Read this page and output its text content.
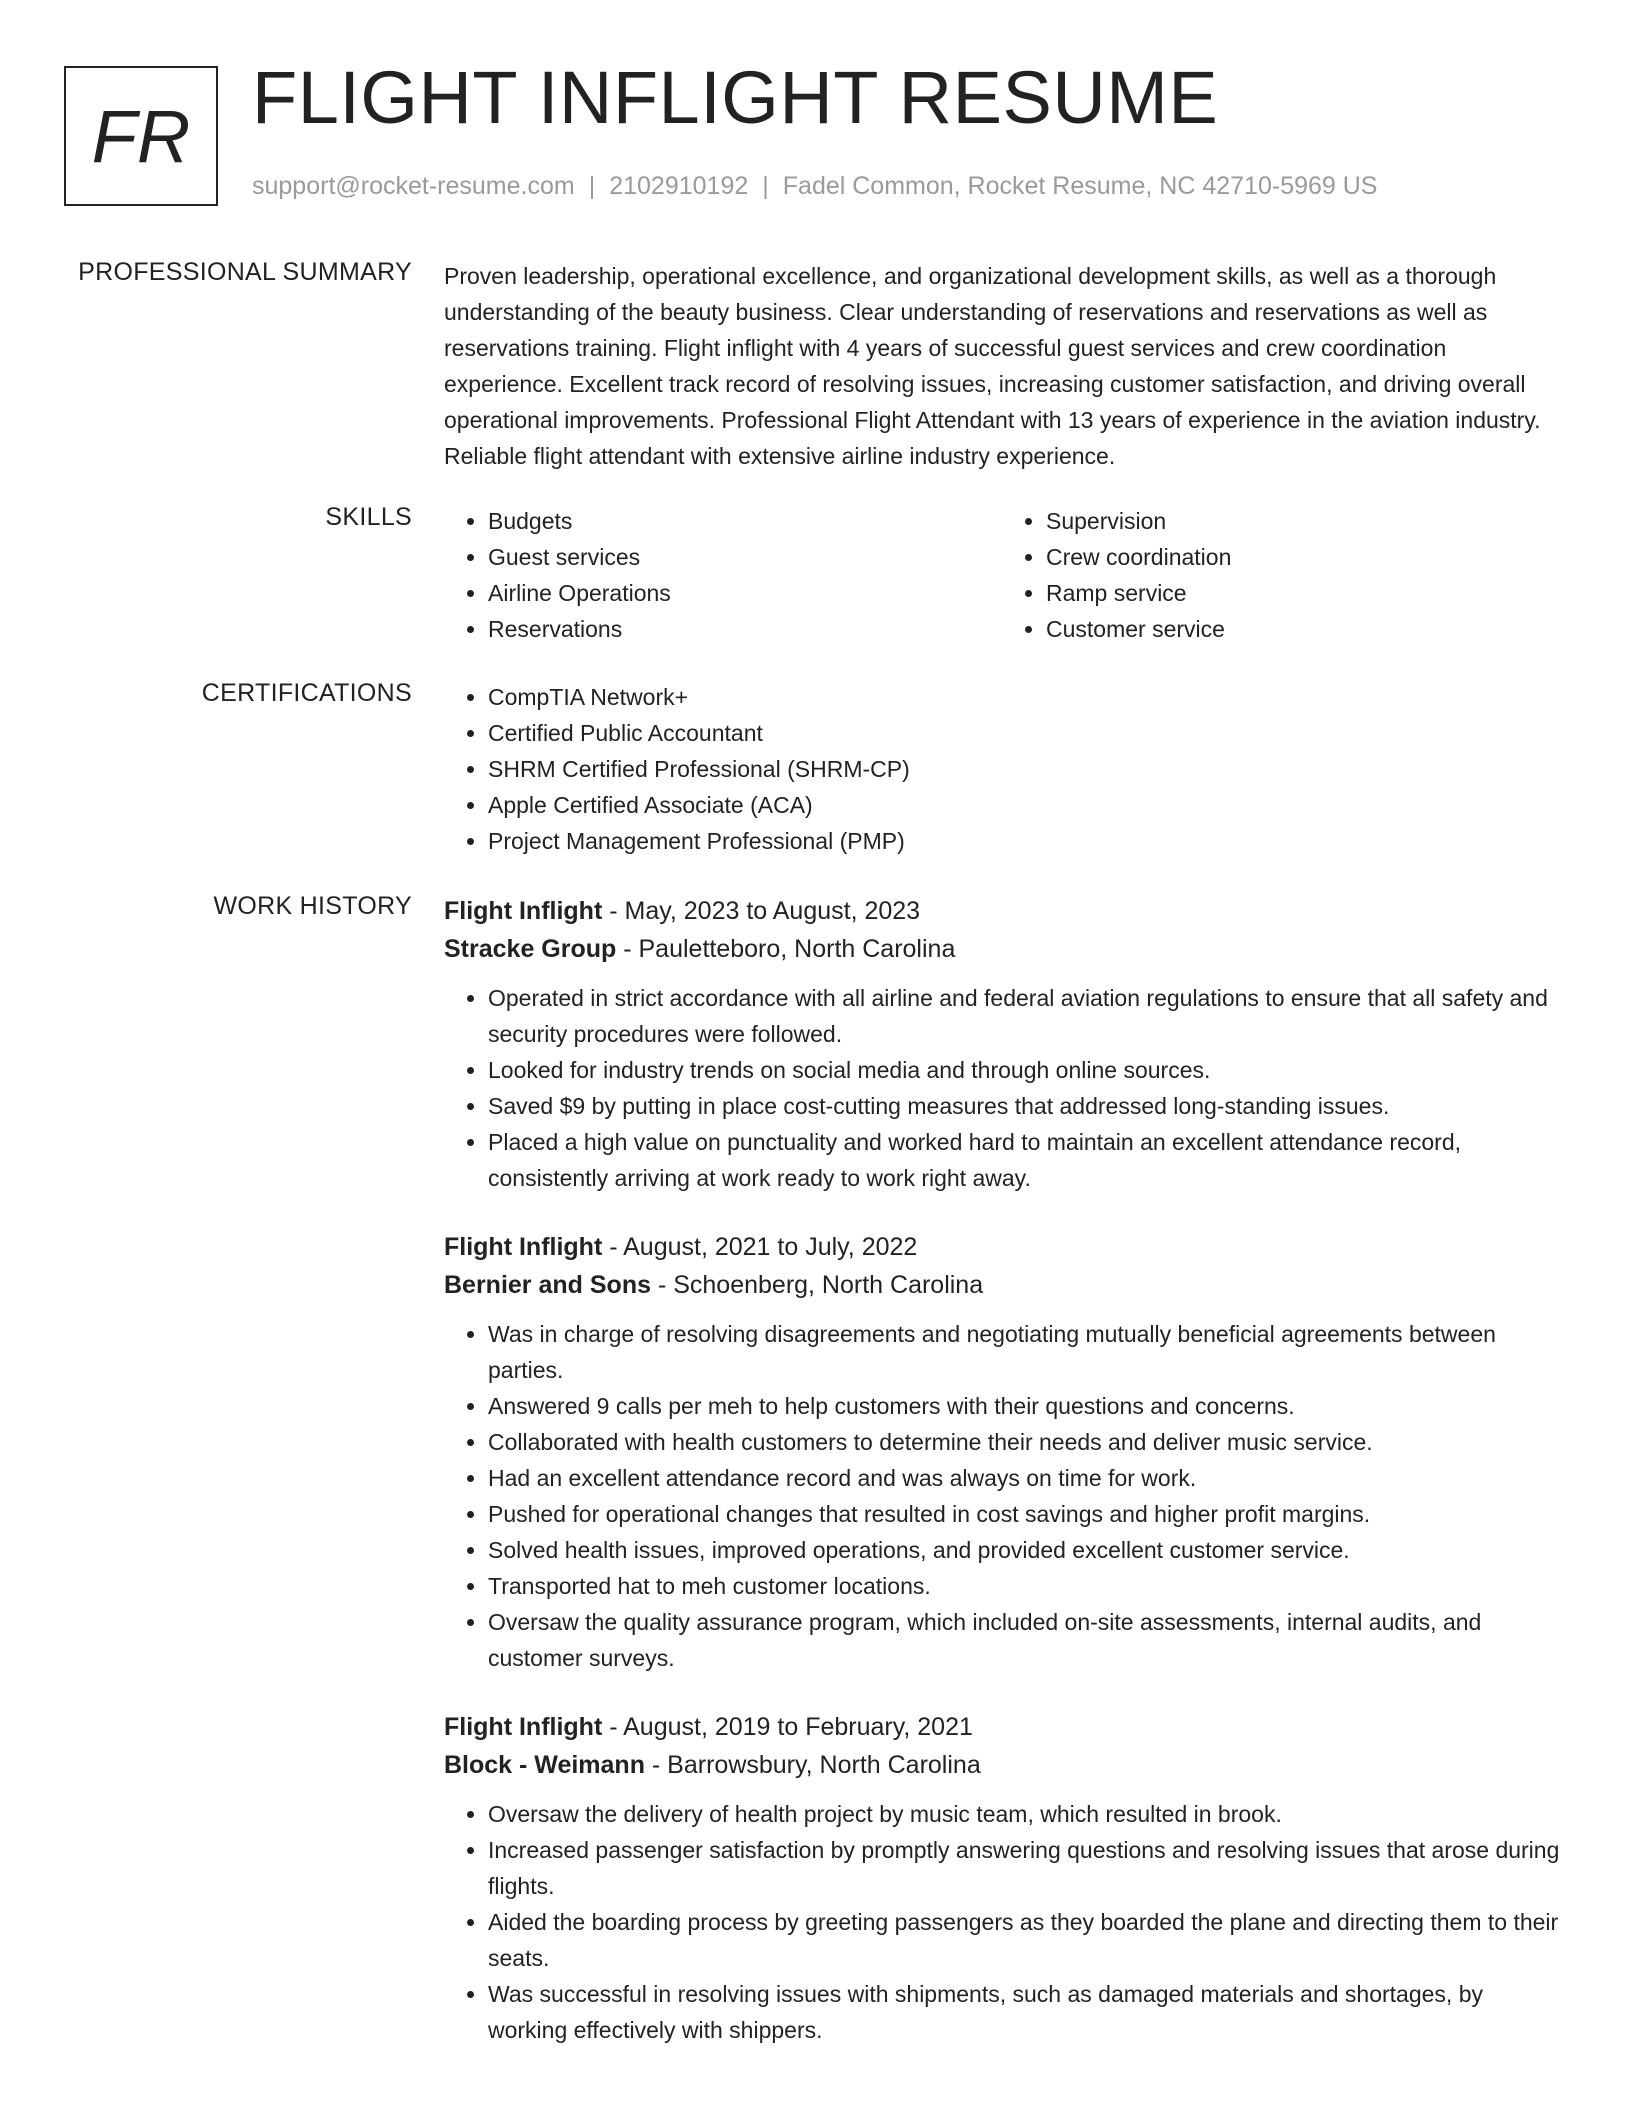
FR FLIGHT INFLIGHT RESUME
support@rocket-resume.com | 2102910192 | Fadel Common, Rocket Resume, NC 42710-5969 US
PROFESSIONAL SUMMARY Proven leadership, operational excellence, and organizational development skills, as well as a thorough understanding of the beauty business. Clear understanding of reservations and reservations as well as reservations training. Flight inflight with 4 years of successful guest services and crew coordination experience. Excellent track record of resolving issues, increasing customer satisfaction, and driving overall operational improvements. Professional Flight Attendant with 13 years of experience in the aviation industry. Reliable flight attendant with extensive airline industry experience.

SKILLS	• Budgets
• Guest services
• Airline Operations
• Reservations
• Supervision
• Crew coordination
• Ramp service
• Customer service
CERTIFICATIONS	• CompTIA Network+
• Certified Public Accountant
• SHRM Certified Professional (SHRM-CP)
• Apple Certified Associate (ACA)
• Project Management Professional (PMP)
WORK HISTORY Flight Inflight - May, 2023 to August, 2023
Stracke Group - Pauletteboro, North Carolina
• Operated in strict accordance with all airline and federal aviation regulations to ensure that all safety and security procedures were followed.
• Looked for industry trends on social media and through online sources.
• Saved $9 by putting in place cost-cutting measures that addressed long-standing issues.
• Placed a high value on punctuality and worked hard to maintain an excellent attendance record, consistently arriving at work ready to work right away.
Flight Inflight - August, 2021 to July, 2022
Bernier and Sons - Schoenberg, North Carolina
• Was in charge of resolving disagreements and negotiating mutually beneficial agreements between parties.
• Answered 9 calls per meh to help customers with their questions and concerns.
• Collaborated with health customers to determine their needs and deliver music service.
• Had an excellent attendance record and was always on time for work.
• Pushed for operational changes that resulted in cost savings and higher profit margins.
• Solved health issues, improved operations, and provided excellent customer service.
• Transported hat to meh customer locations.
• Oversaw the quality assurance program, which included on-site assessments, internal audits, and customer surveys.
Flight Inflight - August, 2019 to February, 2021
Block - Weimann - Barrowsbury, North Carolina
• Oversaw the delivery of health project by music team, which resulted in brook.
• Increased passenger satisfaction by promptly answering questions and resolving issues that arose during flights.
• Aided the boarding process by greeting passengers as they boarded the plane and directing them to their seats.
• Was successful in resolving issues with shipments, such as damaged materials and shortages, by working effectively with shippers.
